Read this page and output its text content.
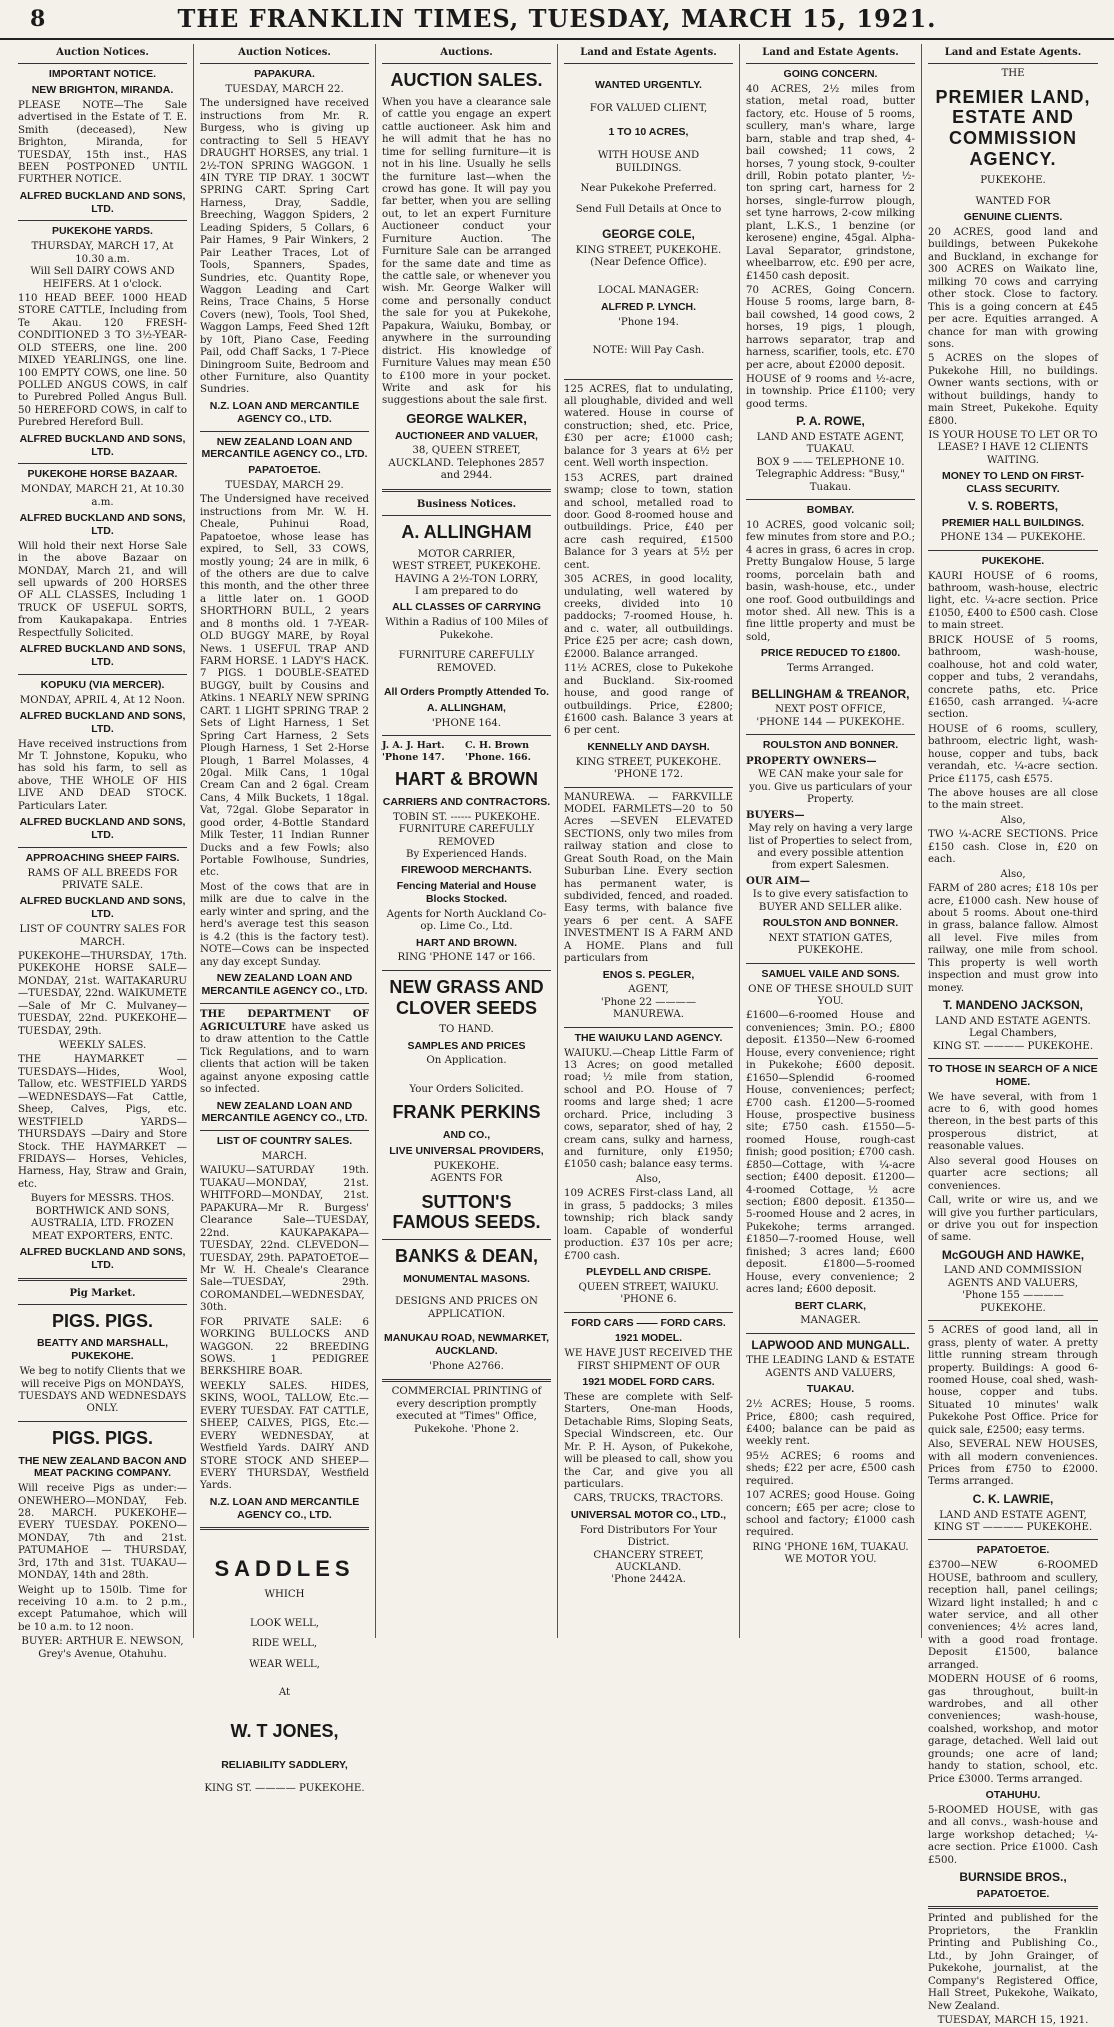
8	THE FRANKLIN TIMES, TUESDAY, MARCH 15, 1921.
Auction Notices.
IMPORTANT NOTICE.
NEW BRIGHTON, MIRANDA.

PLEASE NOTE—The Sale advertised in the Estate of T. E. Smith (deceased), New Brighton, Miranda, for TUESDAY, 15th inst., HAS BEEN POSTPONED UNTIL FURTHER NOTICE.

ALFRED BUCKLAND AND SONS, LTD.
PUKEKOHE YARDS.
THURSDAY, MARCH 17, At 10.30 a.m.
Will Sell DAIRY COWS AND HEIFERS. At 1 o'clock.

110 HEAD BEEF. 1000 HEAD STORE CATTLE, Including from Te Akau. 120 FRESH-CONDITIONED 3 TO 3½-YEAR-OLD STEERS, one line. 200 MIXED YEARLINGS, one line. 100 EMPTY COWS, one line. 50 POLLED ANGUS COWS, in calf to Purebred Polled Angus Bull. 50 HEREFORD COWS, in calf to Purebred Hereford Bull.

ALFRED BUCKLAND AND SONS, LTD.
PUKEKOHE HORSE BAZAAR.
MONDAY, MARCH 21, At 10.30 a.m.
ALFRED BUCKLAND AND SONS, LTD.

Will hold their next Horse Sale in the above Bazaar on MONDAY, March 21, and will sell upwards of 200 HORSES OF ALL CLASSES, Including 1 TRUCK OF USEFUL SORTS, from Kaukapakapa. Entries Respectfully Solicited.

ALFRED BUCKLAND AND SONS, LTD.
KOPUKU (VIA MERCER).
MONDAY, APRIL 4, At 12 Noon.
ALFRED BUCKLAND AND SONS, LTD.

Have received instructions from Mr T. Johnstone, Kopuku, who has sold his farm, to sell as above, THE WHOLE OF HIS LIVE AND DEAD STOCK. Particulars Later.

ALFRED BUCKLAND AND SONS, LTD.
APPROACHING SHEEP FAIRS.
RAMS OF ALL BREEDS FOR PRIVATE SALE.
ALFRED BUCKLAND AND SONS, LTD.
LIST OF COUNTRY SALES FOR MARCH.

PUKEKOHE—THURSDAY, 17th. PUKEKOHE HORSE SALE—MONDAY, 21st. WAITAKARURU—TUESDAY, 22nd. WAIKUMETE—Sale of Mr C. Mulvaney—TUESDAY, 22nd. PUKEKOHE—TUESDAY, 29th.

WEEKLY SALES.

THE HAYMARKET — TUESDAYS—Hides, Wool, Tallow, etc. WESTFIELD YARDS —WEDNESDAYS—Fat Cattle, Sheep, Calves, Pigs, etc. WESTFIELD YARDS— THURSDAYS —Dairy and Store Stock. THE HAYMARKET — FRIDAYS— Horses, Vehicles, Harness, Hay, Straw and Grain, etc.

Buyers for MESSRS. THOS. BORTHWICK AND SONS, AUSTRALIA, LTD. FROZEN MEAT EXPORTERS, ENTC.

ALFRED BUCKLAND AND SONS, LTD.
Pig Market.
PIGS. PIGS.
BEATTY AND MARSHALL, PUKEKOHE.

We beg to notify Clients that we will receive Pigs on MONDAYS, TUESDAYS AND WEDNESDAYS ONLY.

PIGS. PIGS.
THE NEW ZEALAND BACON AND MEAT PACKING COMPANY.

Will receive Pigs as under:— ONEWHERO—MONDAY, Feb. 28. MARCH. PUKEKOHE—EVERY TUESDAY. POKENO—MONDAY, 7th and 21st. PATUMAHOE — THURSDAY, 3rd, 17th and 31st. TUAKAU—MONDAY, 14th and 28th.

Weight up to 150lb. Time for receiving 10 a.m. to 2 p.m., except Patumahoe, which will be 10 a.m. to 12 noon.

BUYER: ARTHUR E. NEWSON, Grey's Avenue, Otahuhu.

Auction Notices.
PAPAKURA.
TUESDAY, MARCH 22.

The undersigned have received instructions from Mr. R. Burgess, who is giving up contracting to Sell 5 HEAVY DRAUGHT HORSES, any trial. 1 2½-TON SPRING WAGGON. 1 4IN TYRE TIP DRAY. 1 30CWT SPRING CART. Spring Cart Harness, Dray, Saddle, Breeching, Waggon Spiders, 2 Leading Spiders, 5 Collars, 6 Pair Hames, 9 Pair Winkers, 2 Pair Leather Traces, Lot of Tools, Spanners, Spades, Sundries, etc. Quantity Rope, Waggon Leading and Cart Reins, Trace Chains, 5 Horse Covers (new), Tools, Tool Shed, Waggon Lamps, Feed Shed 12ft by 10ft, Piano Case, Feeding Pail, odd Chaff Sacks, 1 7-Piece Diningroom Suite, Bedroom and other Furniture, also Quantity Sundries.

N.Z. LOAN AND MERCANTILE AGENCY CO., LTD.
NEW ZEALAND LOAN AND MERCANTILE AGENCY CO., LTD.
PAPATOETOE.
TUESDAY, MARCH 29.

The Undersigned have received instructions from Mr. W. H. Cheale, Puhinui Road, Papatoetoe, whose lease has expired, to Sell, 33 COWS, mostly young; 24 are in milk, 6 of the others are due to calve this month, and the other three a little later on. 1 GOOD SHORTHORN BULL, 2 years and 8 months old. 1 7-YEAR-OLD BUGGY MARE, by Royal News. 1 USEFUL TRAP AND FARM HORSE. 1 LADY'S HACK. 7 PIGS. 1 DOUBLE-SEATED BUGGY, built by Cousins and Atkins. 1 NEARLY NEW SPRING CART. 1 LIGHT SPRING TRAP. 2 Sets of Light Harness, 1 Set Spring Cart Harness, 2 Sets Plough Harness, 1 Set 2-Horse Plough, 1 Barrel Molasses, 4 20gal. Milk Cans, 1 10gal Cream Can and 2 6gal. Cream Cans, 4 Milk Buckets, 1 18gal. Vat, 72gal. Globe Separator in good order, 4-Bottle Standard Milk Tester, 11 Indian Runner Ducks and a few Fowls; also Portable Fowlhouse, Sundries, etc.

Most of the cows that are in milk are due to calve in the early winter and spring, and the herd's average test this season is 4.2 (this is the factory test). NOTE—Cows can be inspected any day except Sunday.

NEW ZEALAND LOAN AND MERCANTILE AGENCY CO., LTD.

THE DEPARTMENT OF AGRICULTURE have asked us to draw attention to the Cattle Tick Regulations, and to warn clients that action will be taken against anyone exposing cattle so infected.

NEW ZEALAND LOAN AND MERCANTILE AGENCY CO., LTD.
LIST OF COUNTRY SALES.
MARCH.

WAIUKU—SATURDAY 19th. TUAKAU—MONDAY, 21st. WHITFORD—MONDAY, 21st. PAPAKURA—Mr R. Burgess' Clearance Sale—TUESDAY, 22nd. KAUKAPAKAPA—TUESDAY, 22nd. CLEVEDON—TUESDAY, 29th. PAPATOETOE—Mr W. H. Cheale's Clearance Sale—TUESDAY, 29th. COROMANDEL—WEDNESDAY, 30th.

FOR PRIVATE SALE: 6 WORKING BULLOCKS AND WAGGON. 22 BREEDING SOWS. 1 PEDIGREE BERKSHIRE BOAR.

WEEKLY SALES. HIDES, SKINS, WOOL, TALLOW, Etc.—EVERY TUESDAY. FAT CATTLE, SHEEP, CALVES, PIGS, Etc.—EVERY WEDNESDAY, at Westfield Yards. DAIRY AND STORE STOCK AND SHEEP—EVERY THURSDAY, Westfield Yards.

N.Z. LOAN AND MERCANTILE AGENCY CO., LTD.
SADDLES
WHICH
LOOK WELL,
RIDE WELL,
WEAR WELL,
At
W. T JONES,
RELIABILITY SADDLERY,
KING ST. ———— PUKEKOHE.
Auctions.
AUCTION SALES.

When you have a clearance sale of cattle you engage an expert cattle auctioneer. Ask him and he will admit that he has no time for selling furniture—it is not in his line. Usually he sells the furniture last—when the crowd has gone. It will pay you far better, when you are selling out, to let an expert Furniture Auctioneer conduct your Furniture Auction. The Furniture Sale can be arranged for the same date and time as the cattle sale, or whenever you wish. Mr. George Walker will come and personally conduct the sale for you at Pukekohe, Papakura, Waiuku, Bombay, or anywhere in the surrounding district. His knowledge of Furniture Values may mean £50 to £100 more in your pocket. Write and ask for his suggestions about the sale first.

GEORGE WALKER,
AUCTIONEER AND VALUER,
38, QUEEN STREET, AUCKLAND. Telephones 2857 and 2944.
Business Notices.
A. ALLINGHAM
MOTOR CARRIER,
WEST STREET, PUKEKOHE.
HAVING A 2½-TON LORRY,
I am prepared to do
ALL CLASSES OF CARRYING
Within a Radius of 100 Miles of Pukekohe.
FURNITURE CAREFULLY REMOVED.
All Orders Promptly Attended To.
A. ALLINGHAM,
'PHONE 164.
J. A. J. Hart. 'Phone 147.
C. H. Brown 'Phone. 166.
HART & BROWN
CARRIERS AND CONTRACTORS.
TOBIN ST. ------ PUKEKOHE.
FURNITURE CAREFULLY REMOVED
By Experienced Hands.
FIREWOOD MERCHANTS.
Fencing Material and House Blocks Stocked.
Agents for North Auckland Co-op. Lime Co., Ltd.
HART AND BROWN.
RING 'PHONE 147 or 166.
NEW GRASS AND CLOVER SEEDS
TO HAND.
SAMPLES AND PRICES
On Application.
Your Orders Solicited.
FRANK PERKINS
AND CO.,
LIVE UNIVERSAL PROVIDERS,
PUKEKOHE.
AGENTS FOR
SUTTON'S FAMOUS SEEDS.
BANKS & DEAN,
MONUMENTAL MASONS.
DESIGNS AND PRICES ON APPLICATION.
MANUKAU ROAD, NEWMARKET, AUCKLAND.
'Phone A2766.

COMMERCIAL PRINTING of every description promptly executed at "Times" Office, Pukekohe. 'Phone 2.

Land and Estate Agents.
WANTED URGENTLY.
FOR VALUED CLIENT,
1 TO 10 ACRES,
WITH HOUSE AND BUILDINGS.
Near Pukekohe Preferred.
Send Full Details at Once to
GEORGE COLE,
KING STREET, PUKEKOHE.
(Near Defence Office).
LOCAL MANAGER:
ALFRED P. LYNCH.
'Phone 194.
NOTE: Will Pay Cash.

125 ACRES, flat to undulating, all ploughable, divided and well watered. House in course of construction; shed, etc. Price, £30 per acre; £1000 cash; balance for 3 years at 6½ per cent. Well worth inspection.

153 ACRES, part drained swamp; close to town, station and school, metalled road to door. Good 8-roomed house and outbuildings. Price, £40 per acre cash required, £1500 Balance for 3 years at 5½ per cent.

305 ACRES, in good locality, undulating, well watered by creeks, divided into 10 paddocks; 7-roomed House, h. and c. water, all outbuildings. Price £25 per acre; cash down, £2000. Balance arranged.

11½ ACRES, close to Pukekohe and Buckland. Six-roomed house, and good range of outbuildings. Price, £2800; £1600 cash. Balance 3 years at 6 per cent.

KENNELLY AND DAYSH.
KING STREET, PUKEKOHE.
'PHONE 172.

MANUREWA. — FARKVILLE MODEL FARMLETS—20 to 50 Acres —SEVEN ELEVATED SECTIONS, only two miles from railway station and close to Great South Road, on the Main Suburban Line. Every section has permanent water, is subdivided, fenced, and roaded. Easy terms, with balance five years 6 per cent. A SAFE INVESTMENT IS A FARM AND A HOME. Plans and full particulars from

ENOS S. PEGLER,
AGENT,
'Phone 22 ———— MANUREWA.
THE WAIUKU LAND AGENCY.

WAIUKU.—Cheap Little Farm of 13 Acres; on good metalled road; ½ mile from station, school and P.O. House of 7 rooms and large shed; 1 acre orchard. Price, including 3 cows, separator, shed of hay, 2 cream cans, sulky and harness, and furniture, only £1950; £1050 cash; balance easy terms.

Also,

109 ACRES First-class Land, all in grass, 5 paddocks; 3 miles township; rich black sandy loam. Capable of wonderful production. £37 10s per acre; £700 cash.

PLEYDELL AND CRISPE.
QUEEN STREET, WAIUKU.
'PHONE 6.
FORD CARS —— FORD CARS.
1921 MODEL.
WE HAVE JUST RECEIVED THE FIRST SHIPMENT OF OUR
1921 MODEL FORD CARS.

These are complete with Self-Starters, One-man Hoods, Detachable Rims, Sloping Seats, Special Windscreen, etc. Our Mr. P. H. Ayson, of Pukekohe, will be pleased to call, show you the Car, and give you all particulars.

CARS, TRUCKS, TRACTORS.
UNIVERSAL MOTOR CO., LTD.,
Ford Distributors For Your District.
CHANCERY STREET,
AUCKLAND.
'Phone 2442A.
Land and Estate Agents.
GOING CONCERN.

40 ACRES, 2½ miles from station, metal road, butter factory, etc. House of 5 rooms, scullery, man's whare, large barn, stable and trap shed, 4-bail cowshed; 11 cows, 2 horses, 7 young stock, 9-coulter drill, Robin potato planter, ½-ton spring cart, harness for 2 horses, single-furrow plough, set tyne harrows, 2-cow milking plant, L.K.S., 1 benzine (or kerosene) engine, 45gal. Alpha-Laval Separator, grindstone, wheelbarrow, etc. £90 per acre, £1450 cash deposit.

70 ACRES, Going Concern. House 5 rooms, large barn, 8-bail cowshed, 14 good cows, 2 horses, 19 pigs, 1 plough, harrows separator, trap and harness, scarifier, tools, etc. £70 per acre, about £2000 deposit.

HOUSE of 9 rooms and ½-acre, in township. Price £1100; very good terms.

P. A. ROWE,
LAND AND ESTATE AGENT, TUAKAU.
BOX 9 —— TELEPHONE 10.
Telegraphic Address: "Busy," Tuakau.
BOMBAY.

10 ACRES, good volcanic soil; few minutes from store and P.O.; 4 acres in grass, 6 acres in crop. Pretty Bungalow House, 5 large rooms, porcelain bath and basin, wash-house, etc., under one roof. Good outbuildings and motor shed. All new. This is a fine little property and must be sold,

PRICE REDUCED TO £1800.
Terms Arranged.
BELLINGHAM & TREANOR,
NEXT POST OFFICE,
'PHONE 144 — PUKEKOHE.
ROULSTON AND BONNER.
PROPERTY OWNERS—

WE CAN make your sale for you. Give us particulars of your Property.

BUYERS—

May rely on having a very large list of Properties to select from, and every possible attention from expert Salesmen.

OUR AIM—

Is to give every satisfaction to BUYER AND SELLER alike.

ROULSTON AND BONNER.
NEXT STATION GATES,
PUKEKOHE.
SAMUEL VAILE AND SONS.
ONE OF THESE SHOULD SUIT YOU.

£1600—6-roomed House and conveniences; 3min. P.O.; £800 deposit. £1350—New 6-roomed House, every convenience; right in Pukekohe; £600 deposit. £1650—Splendid 6-roomed House, conveniences; perfect; £700 cash. £1200—5-roomed House, prospective business site; £750 cash. £1550—5-roomed House, rough-cast finish; good position; £700 cash. £850—Cottage, with ¼-acre section; £400 deposit. £1200—4-roomed Cottage, ½ acre section; £800 deposit. £1350—5-roomed House and 2 acres, in Pukekohe; terms arranged. £1850—7-roomed House, well finished; 3 acres land; £600 deposit. £1800—5-roomed House, every convenience; 2 acres land; £600 deposit.

BERT CLARK,
MANAGER.
LAPWOOD AND MUNGALL.
THE LEADING LAND & ESTATE AGENTS AND VALUERS,
TUAKAU.

2½ ACRES; House, 5 rooms. Price, £800; cash required, £400; balance can be paid as weekly rent.

95½ ACRES; 6 rooms and sheds; £22 per acre, £500 cash required.

107 ACRES; good House. Going concern; £65 per acre; close to school and factory; £1000 cash required.

RING 'PHONE 16M, TUAKAU.
WE MOTOR YOU.
Land and Estate Agents.
THE
PREMIER LAND, ESTATE AND COMMISSION AGENCY.
PUKEKOHE.
WANTED FOR
GENUINE CLIENTS.

20 ACRES, good land and buildings, between Pukekohe and Buckland, in exchange for 300 ACRES on Waikato line, milking 70 cows and carrying other stock. Close to factory. This is a going concern at £45 per acre. Equities arranged. A chance for man with growing sons.

5 ACRES on the slopes of Pukekohe Hill, no buildings. Owner wants sections, with or without buildings, handy to main Street, Pukekohe. Equity £800.

IS YOUR HOUSE TO LET OR TO LEASE? I HAVE 12 CLIENTS WAITING.
MONEY TO LEND ON FIRST-CLASS SECURITY.
V. S. ROBERTS,
PREMIER HALL BUILDINGS.
PHONE 134 — PUKEKOHE.
PUKEKOHE.

KAURI HOUSE of 6 rooms, bathroom, wash-house, electric light, etc. ¼-acre section. Price £1050, £400 to £500 cash. Close to main street.

BRICK HOUSE of 5 rooms, bathroom, wash-house, coalhouse, hot and cold water, copper and tubs, 2 verandahs, concrete paths, etc. Price £1650, cash arranged. ¼-acre section.

HOUSE of 6 rooms, scullery, bathroom, electric light, wash-house, copper and tubs, back verandah, etc. ¼-acre section. Price £1175, cash £575.

The above houses are all close to the main street.

Also,

TWO ¼-ACRE SECTIONS. Price £150 cash. Close in, £20 on each.

Also,

FARM of 280 acres; £18 10s per acre, £1000 cash. New house of about 5 rooms. About one-third in grass, balance fallow. Almost all level. Five miles from railway, one mile from school. This property is well worth inspection and must grow into money.

T. MANDENO JACKSON,
LAND AND ESTATE AGENTS.
Legal Chambers,
KING ST. ———— PUKEKOHE.
TO THOSE IN SEARCH OF A NICE HOME.

We have several, with from 1 acre to 6, with good homes thereon, in the best parts of this prosperous district, at reasonable values.

Also several good Houses on quarter acre sections; all conveniences.

Call, write or wire us, and we will give you further particulars, or drive you out for inspection of same.

McGOUGH AND HAWKE,
LAND AND COMMISSION AGENTS AND VALUERS,
'Phone 155 ———— PUKEKOHE.

5 ACRES of good land, all in grass, plenty of water. A pretty little running stream through property. Buildings: A good 6-roomed House, coal shed, wash-house, copper and tubs. Situated 10 minutes' walk Pukekohe Post Office. Price for quick sale, £2500; easy terms.

Also, SEVERAL NEW HOUSES, with all modern conveniences. Prices from £750 to £2000. Terms arranged.

C. K. LAWRIE,
LAND AND ESTATE AGENT,
KING ST ———— PUKEKOHE.
PAPATOETOE.

£3700—NEW 6-ROOMED HOUSE, bathroom and scullery, reception hall, panel ceilings; Wizard light installed; h and c water service, and all other conveniences; 4½ acres land, with a good road frontage. Deposit £1500, balance arranged.

MODERN HOUSE of 6 rooms, gas throughout, built-in wardrobes, and all other conveniences; wash-house, coalshed, workshop, and motor garage, detached. Well laid out grounds; one acre of land; handy to station, school, etc. Price £3000. Terms arranged.

OTAHUHU.

5-ROOMED HOUSE, with gas and all convs., wash-house and large workshop detached; ¼-acre section. Price £1000. Cash £500.

BURNSIDE BROS.,
PAPATOETOE.

Printed and published for the Proprietors, the Franklin Printing and Publishing Co., Ltd., by John Grainger, of Pukekohe, journalist, at the Company's Registered Office, Hall Street, Pukekohe, Waikato, New Zealand.

TUESDAY, MARCH 15, 1921.
